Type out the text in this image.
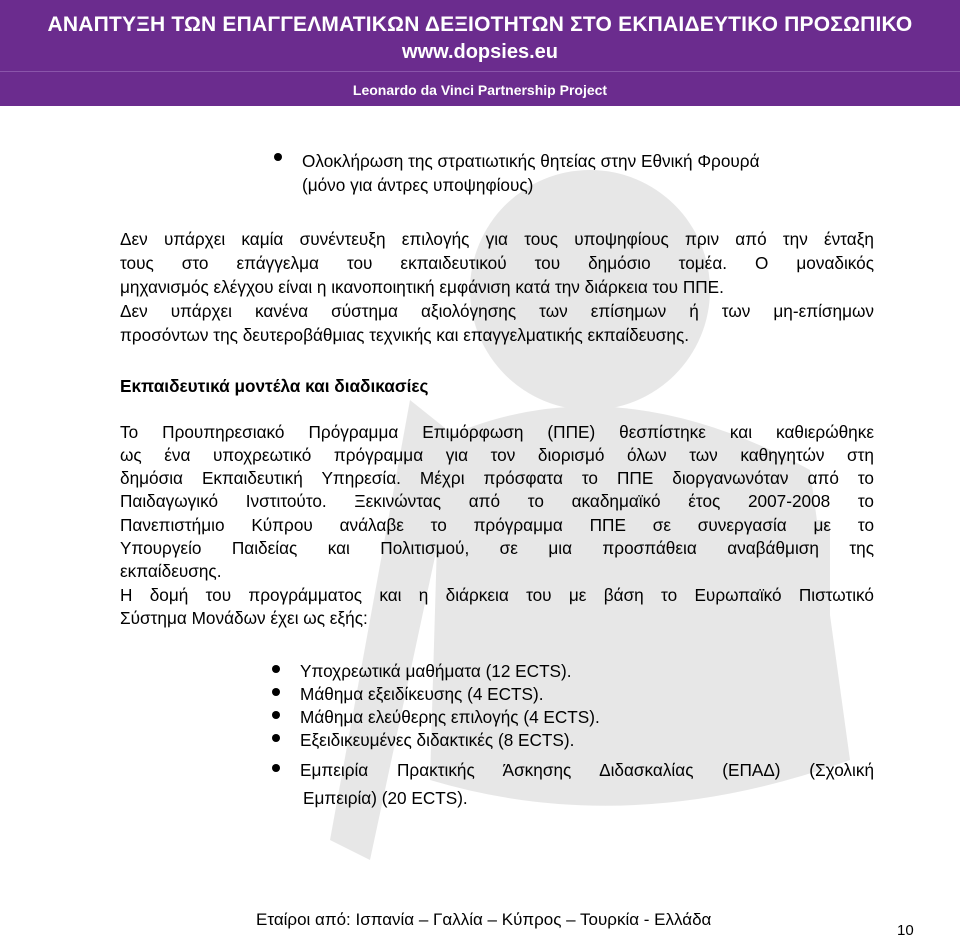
ΑΝΑΠΤΥΞΗ ΤΩΝ ΕΠΑΓΓΕΛΜΑΤΙΚΩΝ ΔΕΞΙΟΤΗΤΩΝ ΣΤΟ ΕΚΠΑΙΔΕΥΤΙΚΟ ΠΡΟΣΩΠΙΚΟ
www.dopsies.eu
Leonardo da Vinci Partnership Project
Ολοκλήρωση της στρατιωτικής θητείας στην Εθνική Φρουρά
(μόνο για άντρες υποψηφίους)
Δεν υπάρχει καμία συνέντευξη επιλογής για τους υποψηφίους πριν από την ένταξη
τους στο επάγγελμα του εκπαιδευτικού του δημόσιο τομέα. Ο μοναδικός
μηχανισμός ελέγχου είναι η ικανοποιητική εμφάνιση κατά την διάρκεια του ΠΠΕ.
Δεν υπάρχει κανένα σύστημα αξιολόγησης των επίσημων ή των μη-επίσημων
προσόντων της δευτεροβάθμιας τεχνικής και επαγγελματικής εκπαίδευσης.
Εκπαιδευτικά μοντέλα και διαδικασίες
Το Προυπηρεσιακό Πρόγραμμα Επιμόρφωση (ΠΠΕ) θεσπίστηκε και καθιερώθηκε
ως ένα υποχρεωτικό πρόγραμμα για τον διορισμό όλων των καθηγητών στη
δημόσια Εκπαιδευτική Υπηρεσία. Μέχρι πρόσφατα το ΠΠΕ διοργανωνόταν από το
Παιδαγωγικό Ινστιτούτο. Ξεκινώντας από το ακαδημαϊκό έτος 2007-2008 το
Πανεπιστήμιο Κύπρου ανάλαβε το πρόγραμμα ΠΠΕ σε συνεργασία με το
Υπουργείο Παιδείας και Πολιτισμού, σε μια προσπάθεια αναβάθμιση της
εκπαίδευσης.
Η δομή του προγράμματος και η διάρκεια του με βάση το Ευρωπαϊκό Πιστωτικό
Σύστημα Μονάδων έχει ως εξής:
Υποχρεωτικά μαθήματα (12 ECTS).
Μάθημα εξειδίκευσης (4 ECTS).
Μάθημα ελεύθερης επιλογής (4 ECTS).
Εξειδικευμένες διδακτικές (8 ECTS).
Εμπειρία Πρακτικής Άσκησης Διδασκαλίας (ΕΠΑΔ) (Σχολική
Εμπειρία) (20 ECTS).
Εταίροι από: Ισπανία – Γαλλία – Κύπρος – Τουρκία - Ελλάδα
10
